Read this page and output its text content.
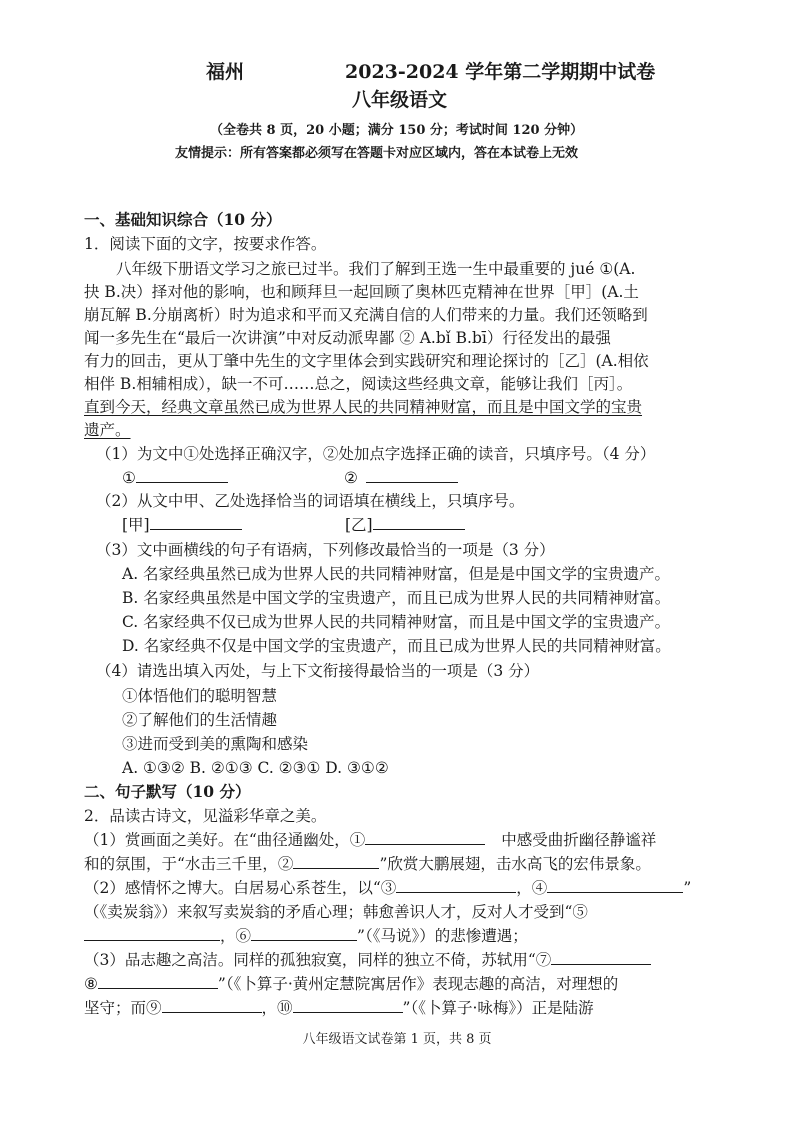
福州	2023-2024 学年第二学期期中试卷
八年级语文
（全卷共 8 页，20 小题；满分 150 分；考试时间 120 分钟）
友情提示：所有答案都必须写在答题卡对应区域内，答在本试卷上无效
一、基础知识综合（10 分）
1．阅读下面的文字，按要求作答。
八年级下册语文学习之旅已过半。我们了解到王选一生中最重要的 jué ①(A.
抉 B.决）择对他的影响，也和顾拜旦一起回顾了奥林匹克精神在世界［甲］(A.土
崩瓦解 B.分崩离析）时为追求和平而又充满自信的人们带来的力量。我们还领略到
闻一多先生在“最后一次讲演”中对反动派卑鄙 ② A.bǐ B.bī）行径发出的最强
有力的回击，更从丁肇中先生的文字里体会到实践研究和理论探讨的［乙］(A.相依
相伴 B.相辅相成），缺一不可……总之，阅读这些经典文章，能够让我们［丙］。
直到今天，经典文章虽然已成为世界人民的共同精神财富，而且是中国文学的宝贵
遗产。
（1）为文中①处选择正确汉字，②处加点字选择正确的读音，只填序号。（4 分）
①	②
（2）从文中甲、乙处选择恰当的词语填在横线上，只填序号。
[甲]	[乙]
（3）文中画横线的句子有语病，下列修改最恰当的一项是（3 分）
A. 名家经典虽然已成为世界人民的共同精神财富，但是是中国文学的宝贵遗产。
B. 名家经典虽然是中国文学的宝贵遗产，而且已成为世界人民的共同精神财富。
C. 名家经典不仅已成为世界人民的共同精神财富，而且是中国文学的宝贵遗产。
D. 名家经典不仅是中国文学的宝贵遗产，而且已成为世界人民的共同精神财富。
（4）请选出填入丙处，与上下文衔接得最恰当的一项是（3 分）
①体悟他们的聪明智慧
②了解他们的生活情趣
③进而受到美的熏陶和感染
A. ①③② B. ②①③ C. ②③① D. ③①②
二、句子默写（10 分）
2．品读古诗文，见溢彩华章之美。
（1）赏画面之美好。在“曲径通幽处，①	中感受曲折幽径静谧祥
和的氛围，于“水击三千里，②	”欣赏大鹏展翅，击水高飞的宏伟景象。
（2）感情怀之博大。白居易心系苍生，以“③	，④	”
（《卖炭翁》）来叙写卖炭翁的矛盾心理；韩愈善识人才，反对人才受到“⑤
，⑥	”（《马说》）的悲惨遭遇；
（3）品志趣之高洁。同样的孤独寂寞，同样的独立不倚，苏轼用“⑦
⑧	”（《卜算子·黄州定慧院寓居作》表现志趣的高洁，对理想的
坚守；而⑨	，⑩	”（《卜算子·咏梅》）正是陆游
八年级语文试卷第 1 页，共 8 页
